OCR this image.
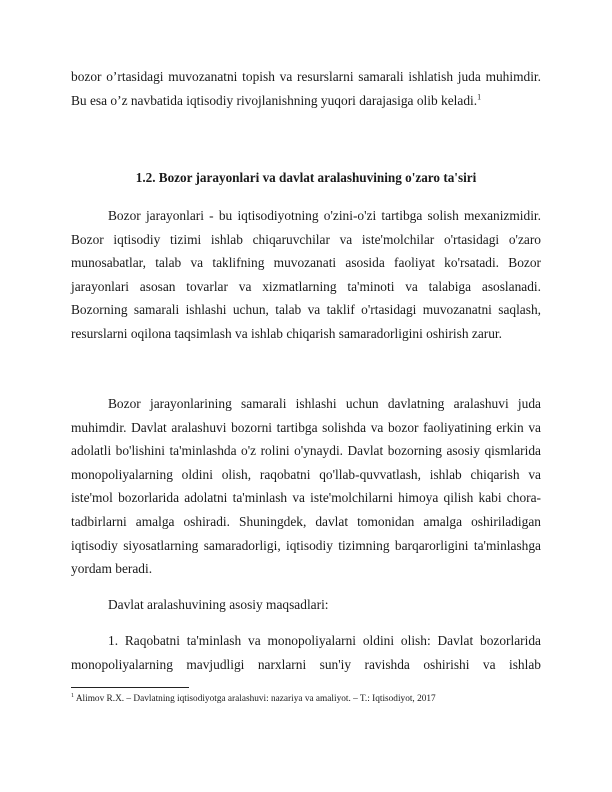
bozor o’rtasidagi muvozanatni topish va resurslarni samarali ishlatish juda muhimdir. Bu esa o’z navbatida iqtisodiy rivojlanishning yuqori darajasiga olib keladi.$^1$

1.2. Bozor jarayonlari va davlat aralashuvining o'zaro ta'siri

Bozor jarayonlari - bu iqtisodiyotning o'zini-o'zi tartibga solish mexanizmidir. Bozor iqtisodiy tizimi ishlab chiqaruvchilar va iste'molchilar o'rtasidagi o'zaro munosabatlar, talab va taklifning muvozanati asosida faoliyat ko'rsatadi. Bozor jarayonlari asosan tovarlar va xizmatlarning ta'minoti va talabiga asoslanadi. Bozorning samarali ishlashi uchun, talab va taklif o'rtasidagi muvozanatni saqlash, resurslarni oqilona taqsimlash va ishlab chiqarish samaradorligini oshirish zarur.

Bozor jarayonlarining samarali ishlashi uchun davlatning aralashuvi juda muhimdir. Davlat aralashuvi bozorni tartibga solishda va bozor faoliyatining erkin va adolatli bo'lishini ta'minlashda o'z rolini o'ynaydi. Davlat bozorning asosiy qismlarida monopoliyalarning oldini olish, raqobatni qo'llab-quvvatlash, ishlab chiqarish va iste'mol bozorlarida adolatni ta'minlash va iste'molchilarni himoya qilish kabi chora-tadbirlarni amalga oshiradi. Shuningdek, davlat tomonidan amalga oshiriladigan iqtisodiy siyosatlarning samaradorligi, iqtisodiy tizimning barqarorligini ta'minlashga yordam beradi.

Davlat aralashuvining asosiy maqsadlari:

1. Raqobatni ta'minlash va monopoliyalarni oldini olish: Davlat bozorlarida monopoliyalarning mavjudligi narxlarni sun'iy ravishda oshirishi va ishlab

$^1$ Alimov R.X. – Davlatning iqtisodiyotga aralashuvi: nazariya va amaliyot. – T.: Iqtisodiyot, 2017
